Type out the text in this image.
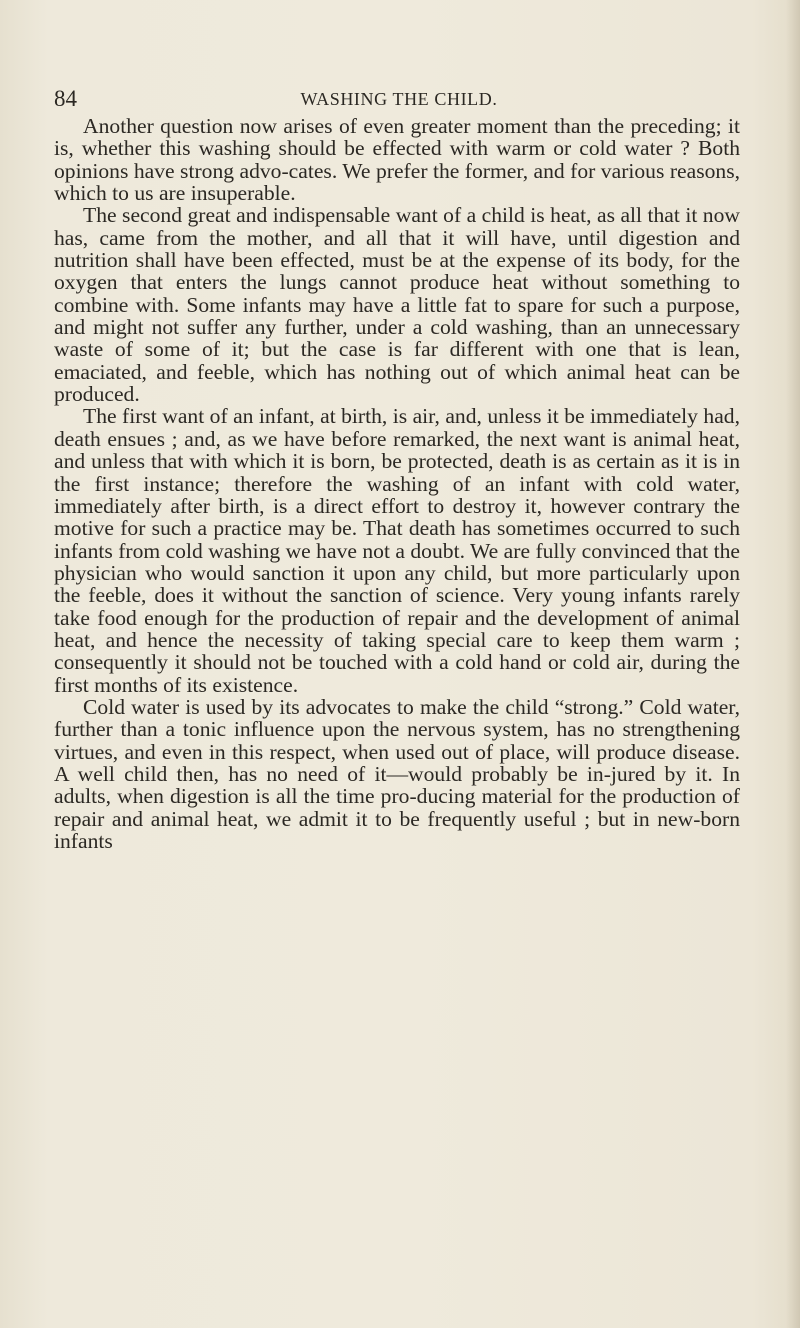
84	WASHING THE CHILD.

Another question now arises of even greater moment than the preceding; it is, whether this washing should be effected with warm or cold water ? Both opinions have strong advo-cates. We prefer the former, and for various reasons, which to us are insuperable.

The second great and indispensable want of a child is heat, as all that it now has, came from the mother, and all that it will have, until digestion and nutrition shall have been effected, must be at the expense of its body, for the oxygen that enters the lungs cannot produce heat without something to combine with. Some infants may have a little fat to spare for such a purpose, and might not suffer any further, under a cold washing, than an unnecessary waste of some of it; but the case is far different with one that is lean, emaciated, and feeble, which has nothing out of which animal heat can be produced.

The first want of an infant, at birth, is air, and, unless it be immediately had, death ensues ; and, as we have before remarked, the next want is animal heat, and unless that with which it is born, be protected, death is as certain as it is in the first instance; therefore the washing of an infant with cold water, immediately after birth, is a direct effort to destroy it, however contrary the motive for such a practice may be. That death has sometimes occurred to such infants from cold washing we have not a doubt. We are fully convinced that the physician who would sanction it upon any child, but more particularly upon the feeble, does it without the sanction of science. Very young infants rarely take food enough for the production of repair and the development of animal heat, and hence the necessity of taking special care to keep them warm ; consequently it should not be touched with a cold hand or cold air, during the first months of its existence.

Cold water is used by its advocates to make the child “strong.” Cold water, further than a tonic influence upon the nervous system, has no strengthening virtues, and even in this respect, when used out of place, will produce disease. A well child then, has no need of it—would probably be in-jured by it. In adults, when digestion is all the time pro-ducing material for the production of repair and animal heat, we admit it to be frequently useful ; but in new-born infants
